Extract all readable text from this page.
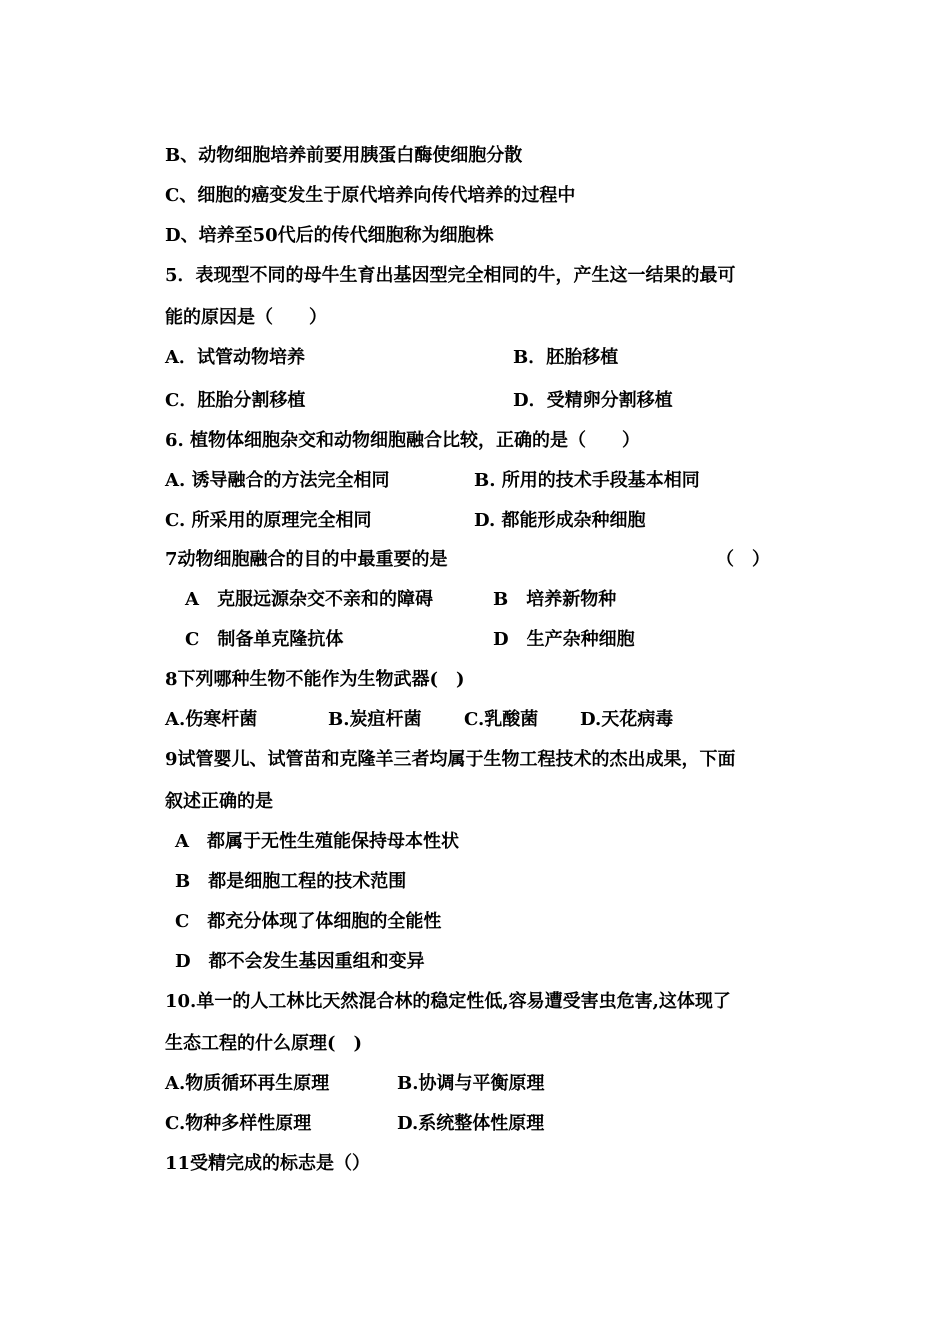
B、动物细胞培养前要用胰蛋白酶使细胞分散
C、细胞的癌变发生于原代培养向传代培养的过程中
D、培养至50代后的传代细胞称为细胞株
5．表现型不同的母牛生育出基因型完全相同的牛，产生这一结果的最可
能的原因是（　　）
A．试管动物培养	B．胚胎移植
C．胚胎分割移植	D．受精卵分割移植
6. 植物体细胞杂交和动物细胞融合比较，正确的是（　　）
A. 诱导融合的方法完全相同	B. 所用的技术手段基本相同
C. 所采用的原理完全相同	D. 都能形成杂种细胞
7动物细胞融合的目的中最重要的是	（　）
A　克服远源杂交不亲和的障碍	B　培养新物种
C　制备单克隆抗体	D　生产杂种细胞
8下列哪种生物不能作为生物武器(　)
A.伤寒杆菌	B.炭疽杆菌 C.乳酸菌 D.天花病毒
9试管婴儿、试管苗和克隆羊三者均属于生物工程技术的杰出成果，下面
叙述正确的是
A　都属于无性生殖能保持母本性状
B　都是细胞工程的技术范围
C　都充分体现了体细胞的全能性
D　都不会发生基因重组和变异
10.单一的人工林比天然混合林的稳定性低,容易遭受害虫危害,这体现了
生态工程的什么原理(　)
A.物质循环再生原理	B.协调与平衡原理
C.物种多样性原理	D.系统整体性原理
11受精完成的标志是（）
